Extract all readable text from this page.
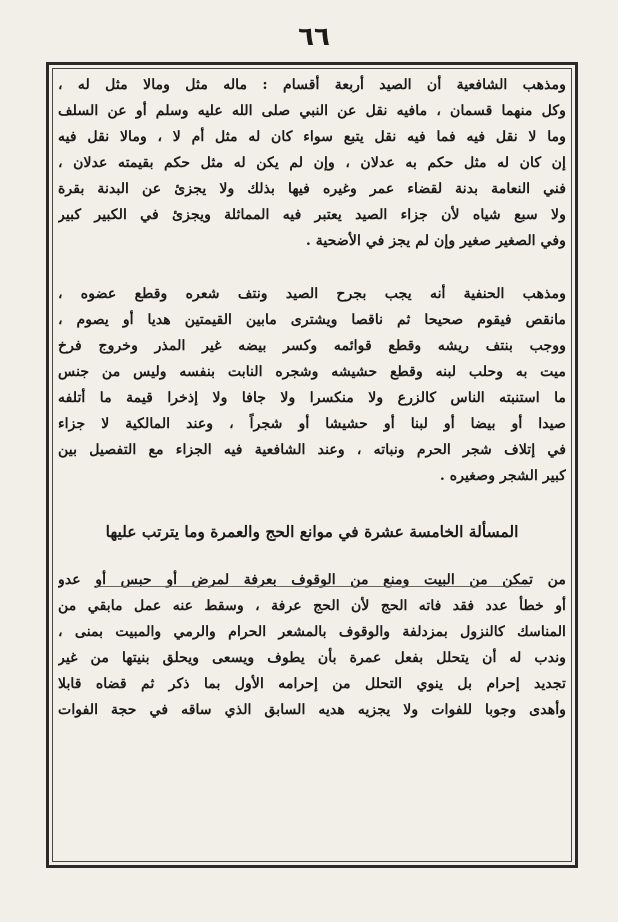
٦٦
ومذهب الشافعية أن الصيد أربعة أقسام : ماله مثل ومالا مثل له ،
وكل منهما قسمان ، مافيه نقل عن النبي صلى الله عليه وسلم أو عن السلف
وما لا نقل فيه فما فيه نقل يتبع سواء كان له مثل أم لا ، ومالا نقل فيه
إن كان له مثل حكم به عدلان ، وإن لم يكن له مثل حكم بقيمته عدلان ،
فني النعامة بدنة لقضاء عمر وغيره فيها بذلك ولا يجزئ عن البدنة بقرة
ولا سبع شياه لأن جزاء الصيد يعتبر فيه المماثلة ويجزئ في الكبير كبير
وفي الصغير صغير وإن لم يجز في الأضحية .
ومذهب الحنفية أنه يجب بجرح الصيد ونتف شعره وقطع عضوه ،
مانقص فيقوم صحيحا ثم ناقصا ويشترى مابين القيمتين هديا أو يصوم ،
ووجب بنتف ريشه وقطع قوائمه وكسر بيضه غير المذر وخروج فرخ
ميت به وحلب لبنه وقطع حشيشه وشجره النابت بنفسه وليس من جنس
ما استنبته الناس كالزرع ولا منكسرا ولا جافا ولا إذخرا قيمة ما أتلفه
صيدا أو بيضا أو لبنا أو حشيشا أو شجراً ، وعند المالكية لا جزاء
في إتلاف شجر الحرم ونباته ، وعند الشافعية فيه الجزاء مع التفصيل بين
كبير الشجر وصغيره .
المسألة الخامسة عشرة في موانع الحج والعمرة وما يترتب عليها
من تمكن من البيت ومنع من الوقوف بعرفة لمرض أو حبس أو عدو
أو خطأ عدد فقد فاته الحج لأن الحج عرفة ، وسقط عنه عمل مابقي من
المناسك كالنزول بمزدلفة والوقوف بالمشعر الحرام والرمي والمبيت بمنى ،
وندب له أن يتحلل بفعل عمرة بأن يطوف ويسعى ويحلق بنيتها من غير
تجديد إحرام بل ينوي التحلل من إحرامه الأول بما ذكر ثم قضاه قابلا
وأهدى وجوبا للفوات ولا يجزيه هديه السابق الذي ساقه في حجة الفوات
